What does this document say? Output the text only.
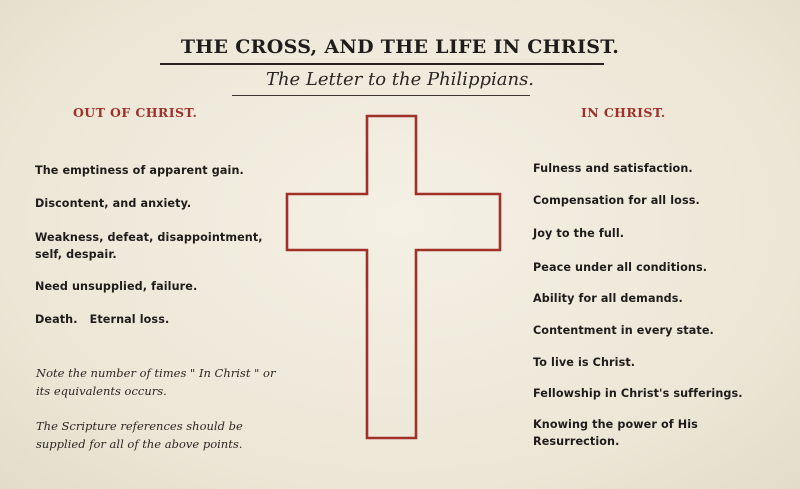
THE CROSS, AND THE LIFE IN CHRIST.
The Letter to the Philippians.
OUT OF CHRIST.	IN CHRIST.
The emptiness of apparent gain.
Discontent, and anxiety.
Weakness, defeat, disappointment, self, despair.
Need unsupplied, failure.
Death.   Eternal loss.
Note the number of times " In Christ " or its equivalents occurs.
The Scripture references should be supplied for all of the above points.
Fulness and satisfaction.
Compensation for all loss.
Joy to the full.
Peace under all conditions.
Ability for all demands.
Contentment in every state.
To live is Christ.
Fellowship in Christ's sufferings.
Knowing the power of His Resurrection.
